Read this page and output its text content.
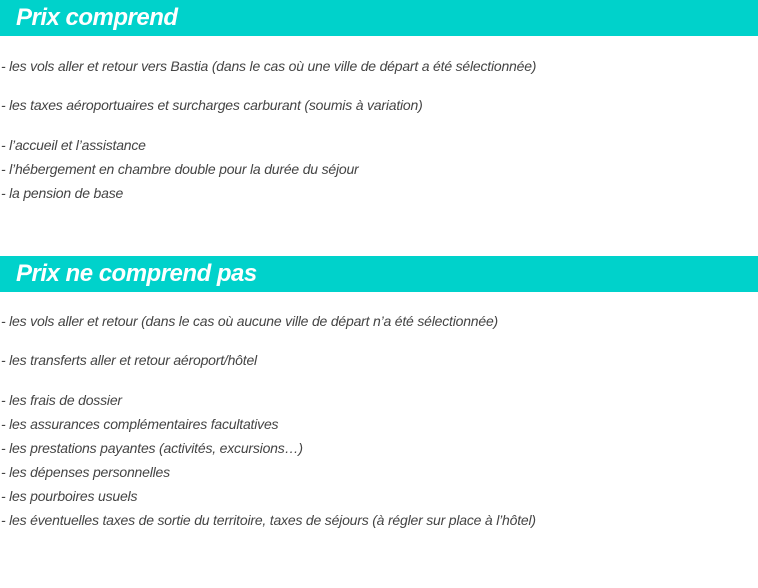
Prix comprend
- les vols aller et retour vers Bastia (dans le cas où une ville de départ a été sélectionnée)
- les taxes aéroportuaires et surcharges carburant (soumis à variation)
- l’accueil et l’assistance
- l’hébergement en chambre double pour la durée du séjour
- la pension de base
Prix ne comprend pas
- les vols aller et retour (dans le cas où aucune ville de départ n’a été sélectionnée)
- les transferts aller et retour aéroport/hôtel
- les frais de dossier
- les assurances complémentaires facultatives
- les prestations payantes (activités, excursions…)
- les dépenses personnelles
- les pourboires usuels
- les éventuelles taxes de sortie du territoire, taxes de séjours (à régler sur place à l’hôtel)
